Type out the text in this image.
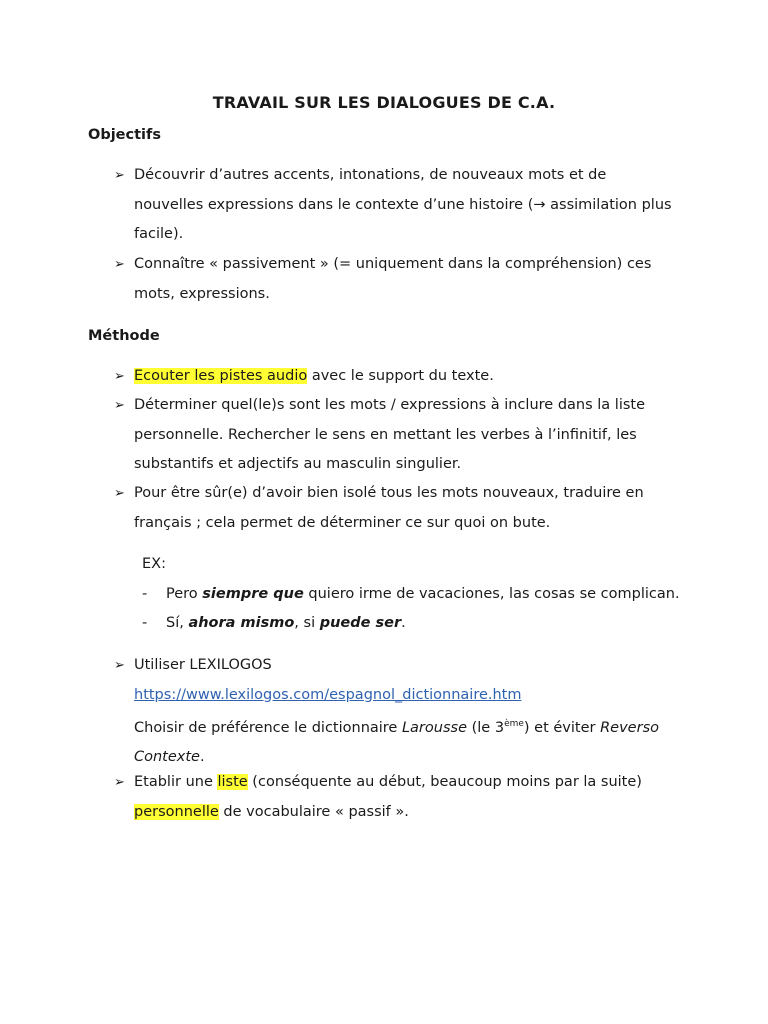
TRAVAIL SUR LES DIALOGUES DE C.A.
Objectifs
➢ Découvrir d’autres accents, intonations, de nouveaux mots et de
nouvelles expressions dans le contexte d’une histoire (→ assimilation plus
facile).
➢ Connaître « passivement » (= uniquement dans la compréhension) ces
mots, expressions.
Méthode
➢ Ecouter les pistes audio avec le support du texte.
➢ Déterminer quel(le)s sont les mots / expressions à inclure dans la liste
personnelle. Rechercher le sens en mettant les verbes à l’infinitif, les
substantifs et adjectifs au masculin singulier.
➢ Pour être sûr(e) d’avoir bien isolé tous les mots nouveaux, traduire en
français ; cela permet de déterminer ce sur quoi on bute.
EX:
- Pero siempre que quiero irme de vacaciones, las cosas se complican.
- Sí, ahora mismo, si puede ser.
➢ Utiliser LEXILOGOS
https://www.lexilogos.com/espagnol_dictionnaire.htm
Choisir de préférence le dictionnaire Larousse (le 3ème) et éviter Reverso
Contexte.
➢ Etablir une liste (conséquente au début, beaucoup moins par la suite)
personnelle de vocabulaire « passif ».
